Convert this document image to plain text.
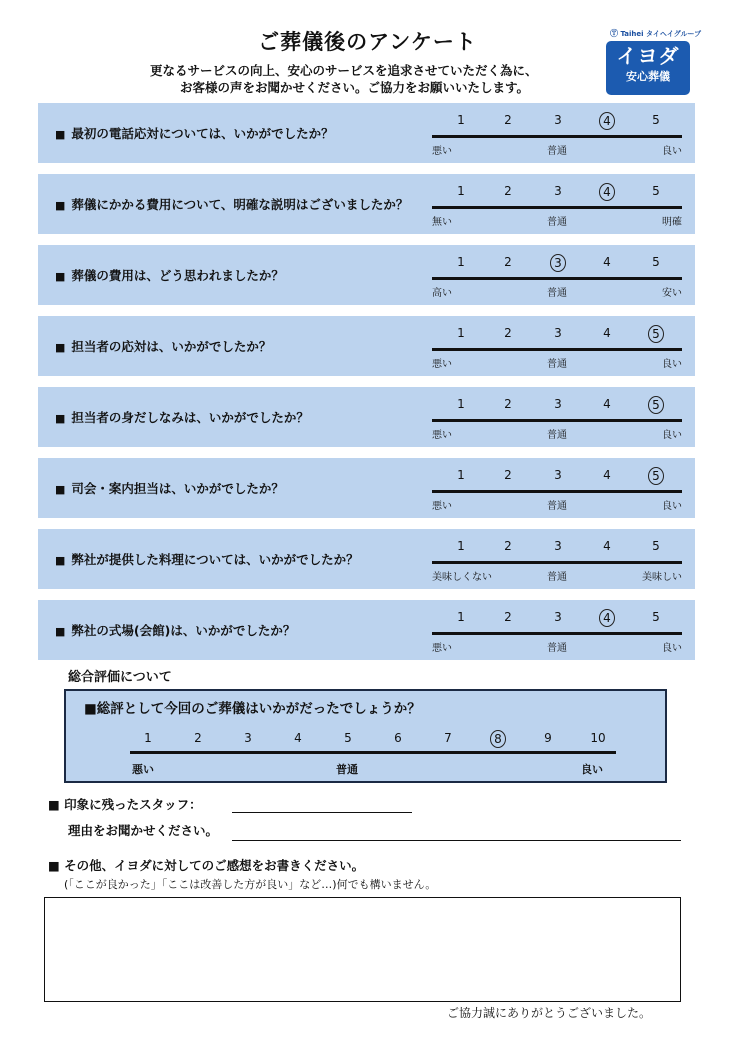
ご葬儀後のアンケート
更なるサービスの向上、安心のサービスを追求させていただく為に、
お客様の声をお聞かせください。ご協力をお願いいたします。
Ⓣ Taihei タイヘイグループ
イヨダ
安心葬儀
■ 最初の電話応対については、いかがでしたか？
1	2	3	4	5
悪い	普通	良い
■ 葬儀にかかる費用について、明確な説明はございましたか？
1	2	3	4	5
無い	普通	明確
■ 葬儀の費用は、どう思われましたか？
1	2	3	4	5
高い	普通	安い
■ 担当者の応対は、いかがでしたか？
1	2	3	4	5
悪い	普通	良い
■ 担当者の身だしなみは、いかがでしたか？
1	2	3	4	5
悪い	普通	良い
■ 司会・案内担当は、いかがでしたか？
1	2	3	4	5
悪い	普通	良い
■ 弊社が提供した料理については、いかがでしたか？
1	2	3	4	5
美味しくない	普通	美味しい
■ 弊社の式場(会館)は、いかがでしたか？
1	2	3	4	5
悪い	普通	良い
総合評価について
■総評として今回のご葬儀はいかがだったでしょうか？
1	2	3	4	5	6	7	8	9	10
悪い	普通	良い
■ 印象に残ったスタッフ：
理由をお聞かせください。
■ その他、イヨダに対してのご感想をお書きください。
(「ここが良かった」「ここは改善した方が良い」など…)何でも構いません。
ご協力誠にありがとうございました。
